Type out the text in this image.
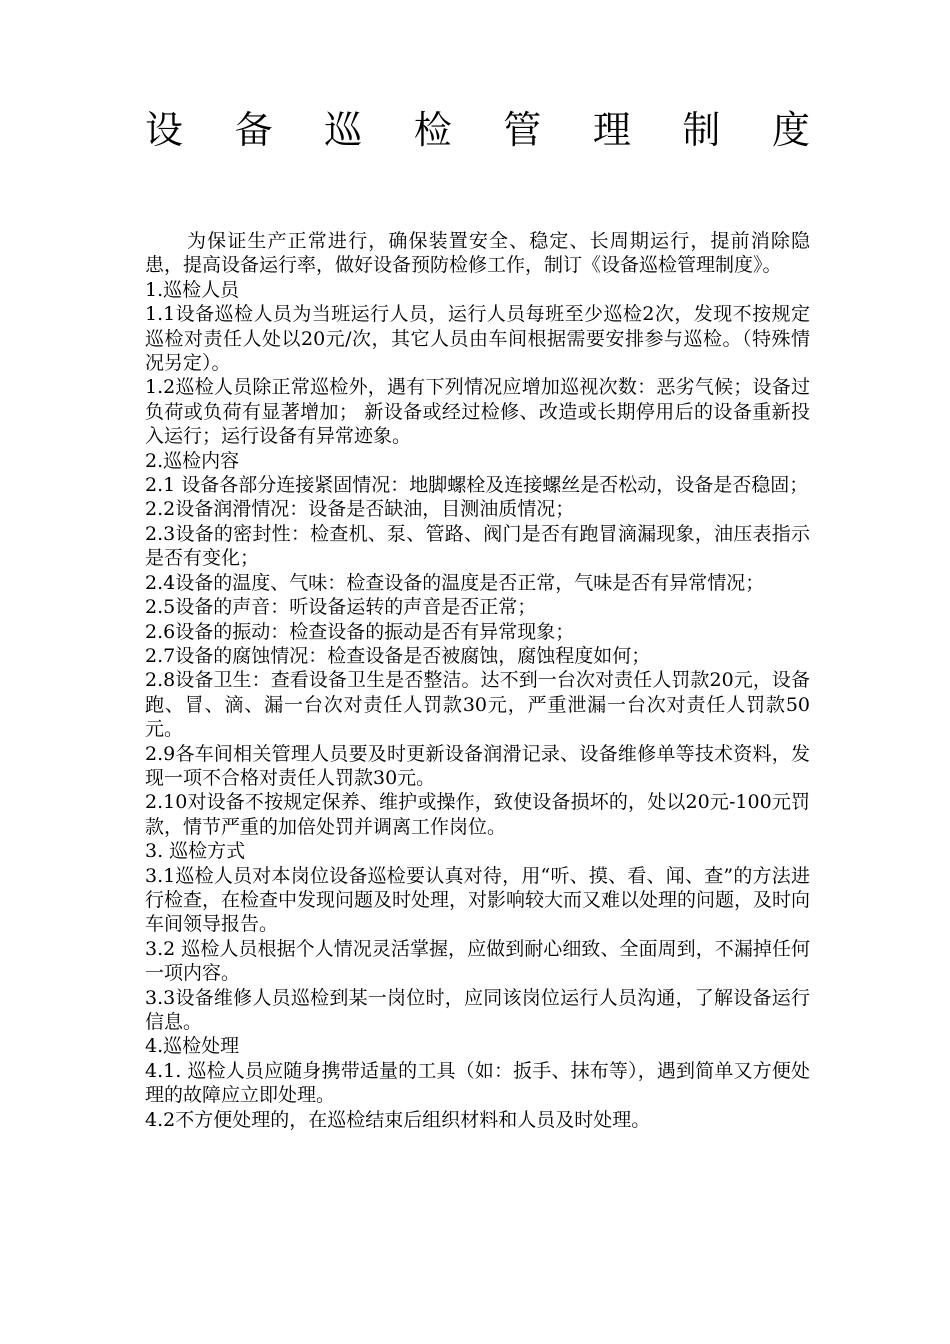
设 备 巡 检 管 理 制 度

为保证生产正常进行，确保装置安全、稳定、长周期运行，提前消除隐患，提高设备运行率，做好设备预防检修工作，制订《设备巡检管理制度》。

1.巡检人员

1.1设备巡检人员为当班运行人员，运行人员每班至少巡检2次，发现不按规定巡检对责任人处以20元/次，其它人员由车间根据需要安排参与巡检。（特殊情况另定）。

1.2巡检人员除正常巡检外，遇有下列情况应增加巡视次数：恶劣气候；设备过负荷或负荷有显著增加； 新设备或经过检修、改造或长期停用后的设备重新投入运行；运行设备有异常迹象。

2.巡检内容

2.1 设备各部分连接紧固情况：地脚螺栓及连接螺丝是否松动，设备是否稳固；

2.2设备润滑情况：设备是否缺油，目测油质情况；

2.3设备的密封性：检查机、泵、管路、阀门是否有跑冒滴漏现象，油压表指示是否有变化；

2.4设备的温度、气味：检查设备的温度是否正常，气味是否有异常情况；

2.5设备的声音：听设备运转的声音是否正常；

2.6设备的振动：检查设备的振动是否有异常现象；

2.7设备的腐蚀情况：检查设备是否被腐蚀，腐蚀程度如何；

2.8设备卫生：查看设备卫生是否整洁。达不到一台次对责任人罚款20元，设备跑、冒、滴、漏一台次对责任人罚款30元，严重泄漏一台次对责任人罚款50元。

2.9各车间相关管理人员要及时更新设备润滑记录、设备维修单等技术资料，发现一项不合格对责任人罚款30元。

2.10对设备不按规定保养、维护或操作，致使设备损坏的，处以20元-100元罚款，情节严重的加倍处罚并调离工作岗位。

3. 巡检方式

3.1巡检人员对本岗位设备巡检要认真对待，用“听、摸、看、闻、查”的方法进行检查，在检查中发现问题及时处理，对影响较大而又难以处理的问题，及时向车间领导报告。

3.2 巡检人员根据个人情况灵活掌握，应做到耐心细致、全面周到，不漏掉任何一项内容。

3.3设备维修人员巡检到某一岗位时，应同该岗位运行人员沟通，了解设备运行信息。

4.巡检处理

4.1. 巡检人员应随身携带适量的工具（如：扳手、抹布等），遇到简单又方便处理的故障应立即处理。

4.2不方便处理的，在巡检结束后组织材料和人员及时处理。
